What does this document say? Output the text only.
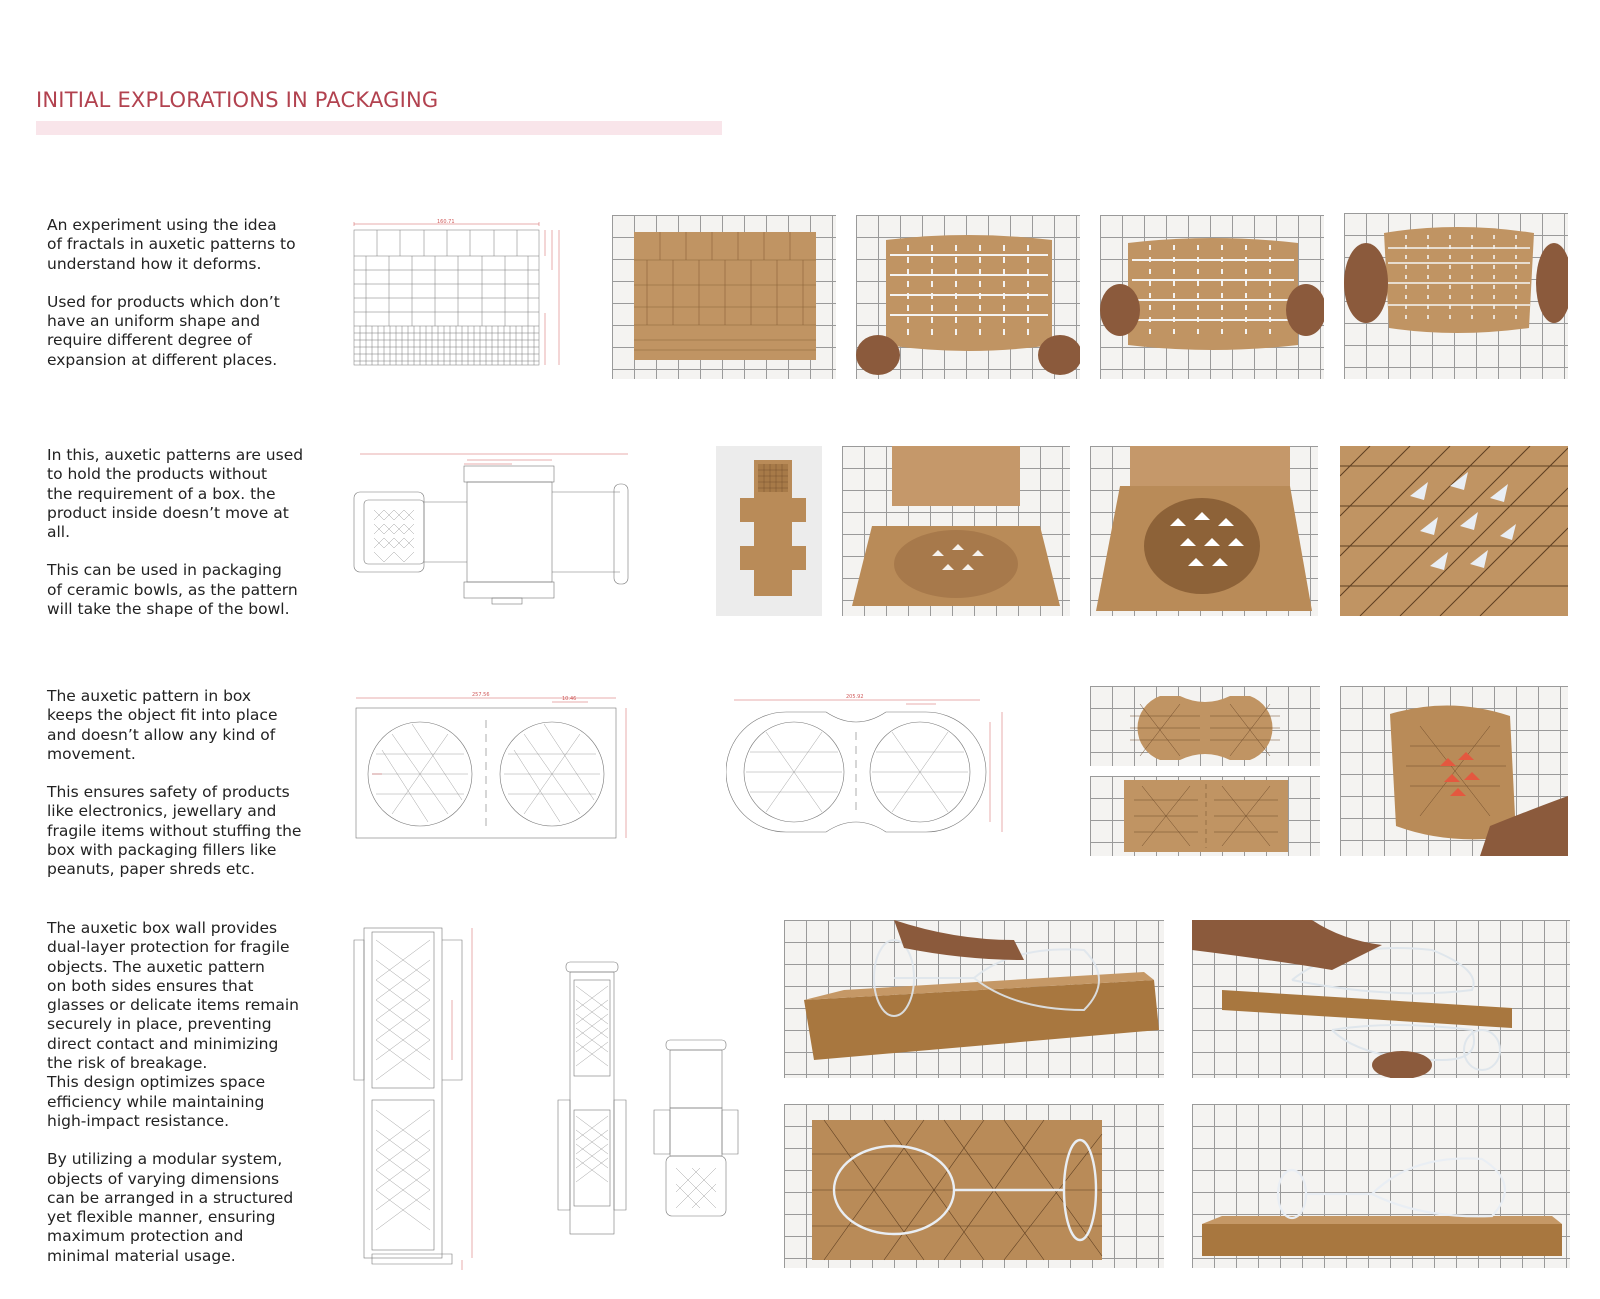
INITIAL EXPLORATIONS IN PACKAGING

An experiment using the idea
of fractals in auxetic patterns to
understand how it deforms.

Used for products which don’t
have an uniform shape and
require different degree of
expansion at different places.

160.71

In this, auxetic patterns are used
to hold the products without
the requirement of a box. the
product inside doesn’t move at
all.

This can be used in packaging
of ceramic bowls, as the pattern
will take the shape of the bowl.

The auxetic pattern in box
keeps the object fit into place
and doesn’t allow any kind of
movement.

This ensures safety of products
like electronics, jewellary and
fragile items without stuffing the
box with packaging fillers like
peanuts, paper shreds etc.

257.56
10.46	205.92

The auxetic box wall provides
dual-layer protection for fragile
objects. The auxetic pattern
on both sides ensures that
glasses or delicate items remain
securely in place, preventing
direct contact and minimizing
the risk of breakage.
This design optimizes space
efficiency while maintaining
high-impact resistance.

By utilizing a modular system,
objects of varying dimensions
can be arranged in a structured
yet flexible manner, ensuring
maximum protection and
minimal material usage.
